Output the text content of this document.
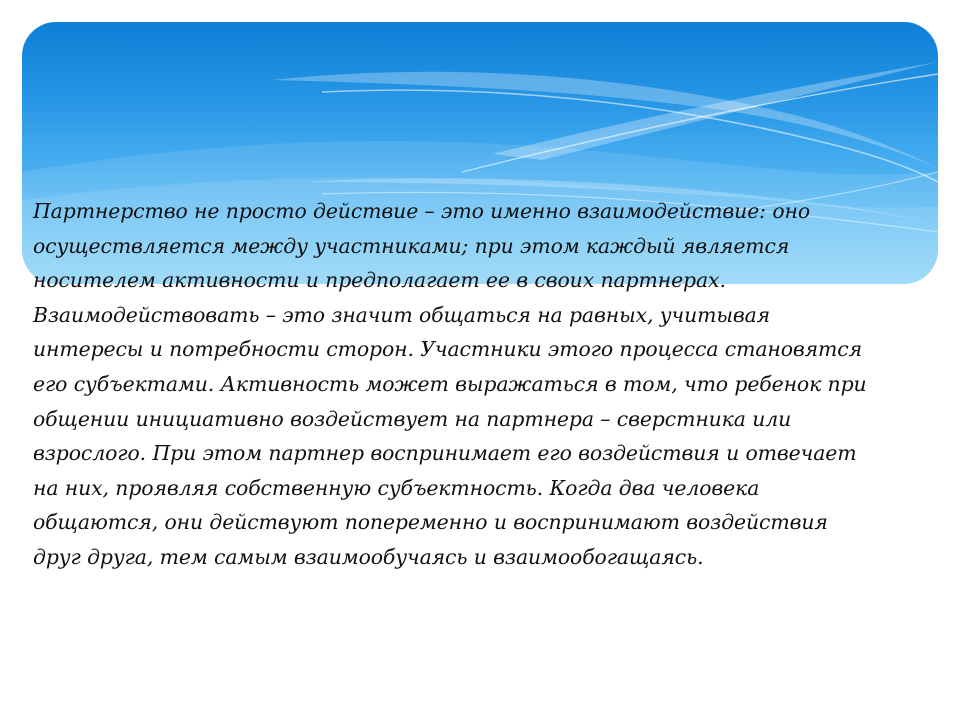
Партнерство не просто действие – это именно взаимодействие: оно
осуществляется между участниками; при этом каждый является
носителем активности и предполагает ее в своих партнерах.
Взаимодействовать – это значит общаться на равных, учитывая
интересы и потребности сторон. Участники этого процесса становятся
его субъектами. Активность может выражаться в том, что ребенок при
общении инициативно воздействует на партнера – сверстника или
взрослого. При этом партнер воспринимает его воздействия и отвечает
на них, проявляя собственную субъектность. Когда два человека
общаются, они действуют попеременно и воспринимают воздействия
друг друга, тем самым взаимообучаясь и взаимообогащаясь.
